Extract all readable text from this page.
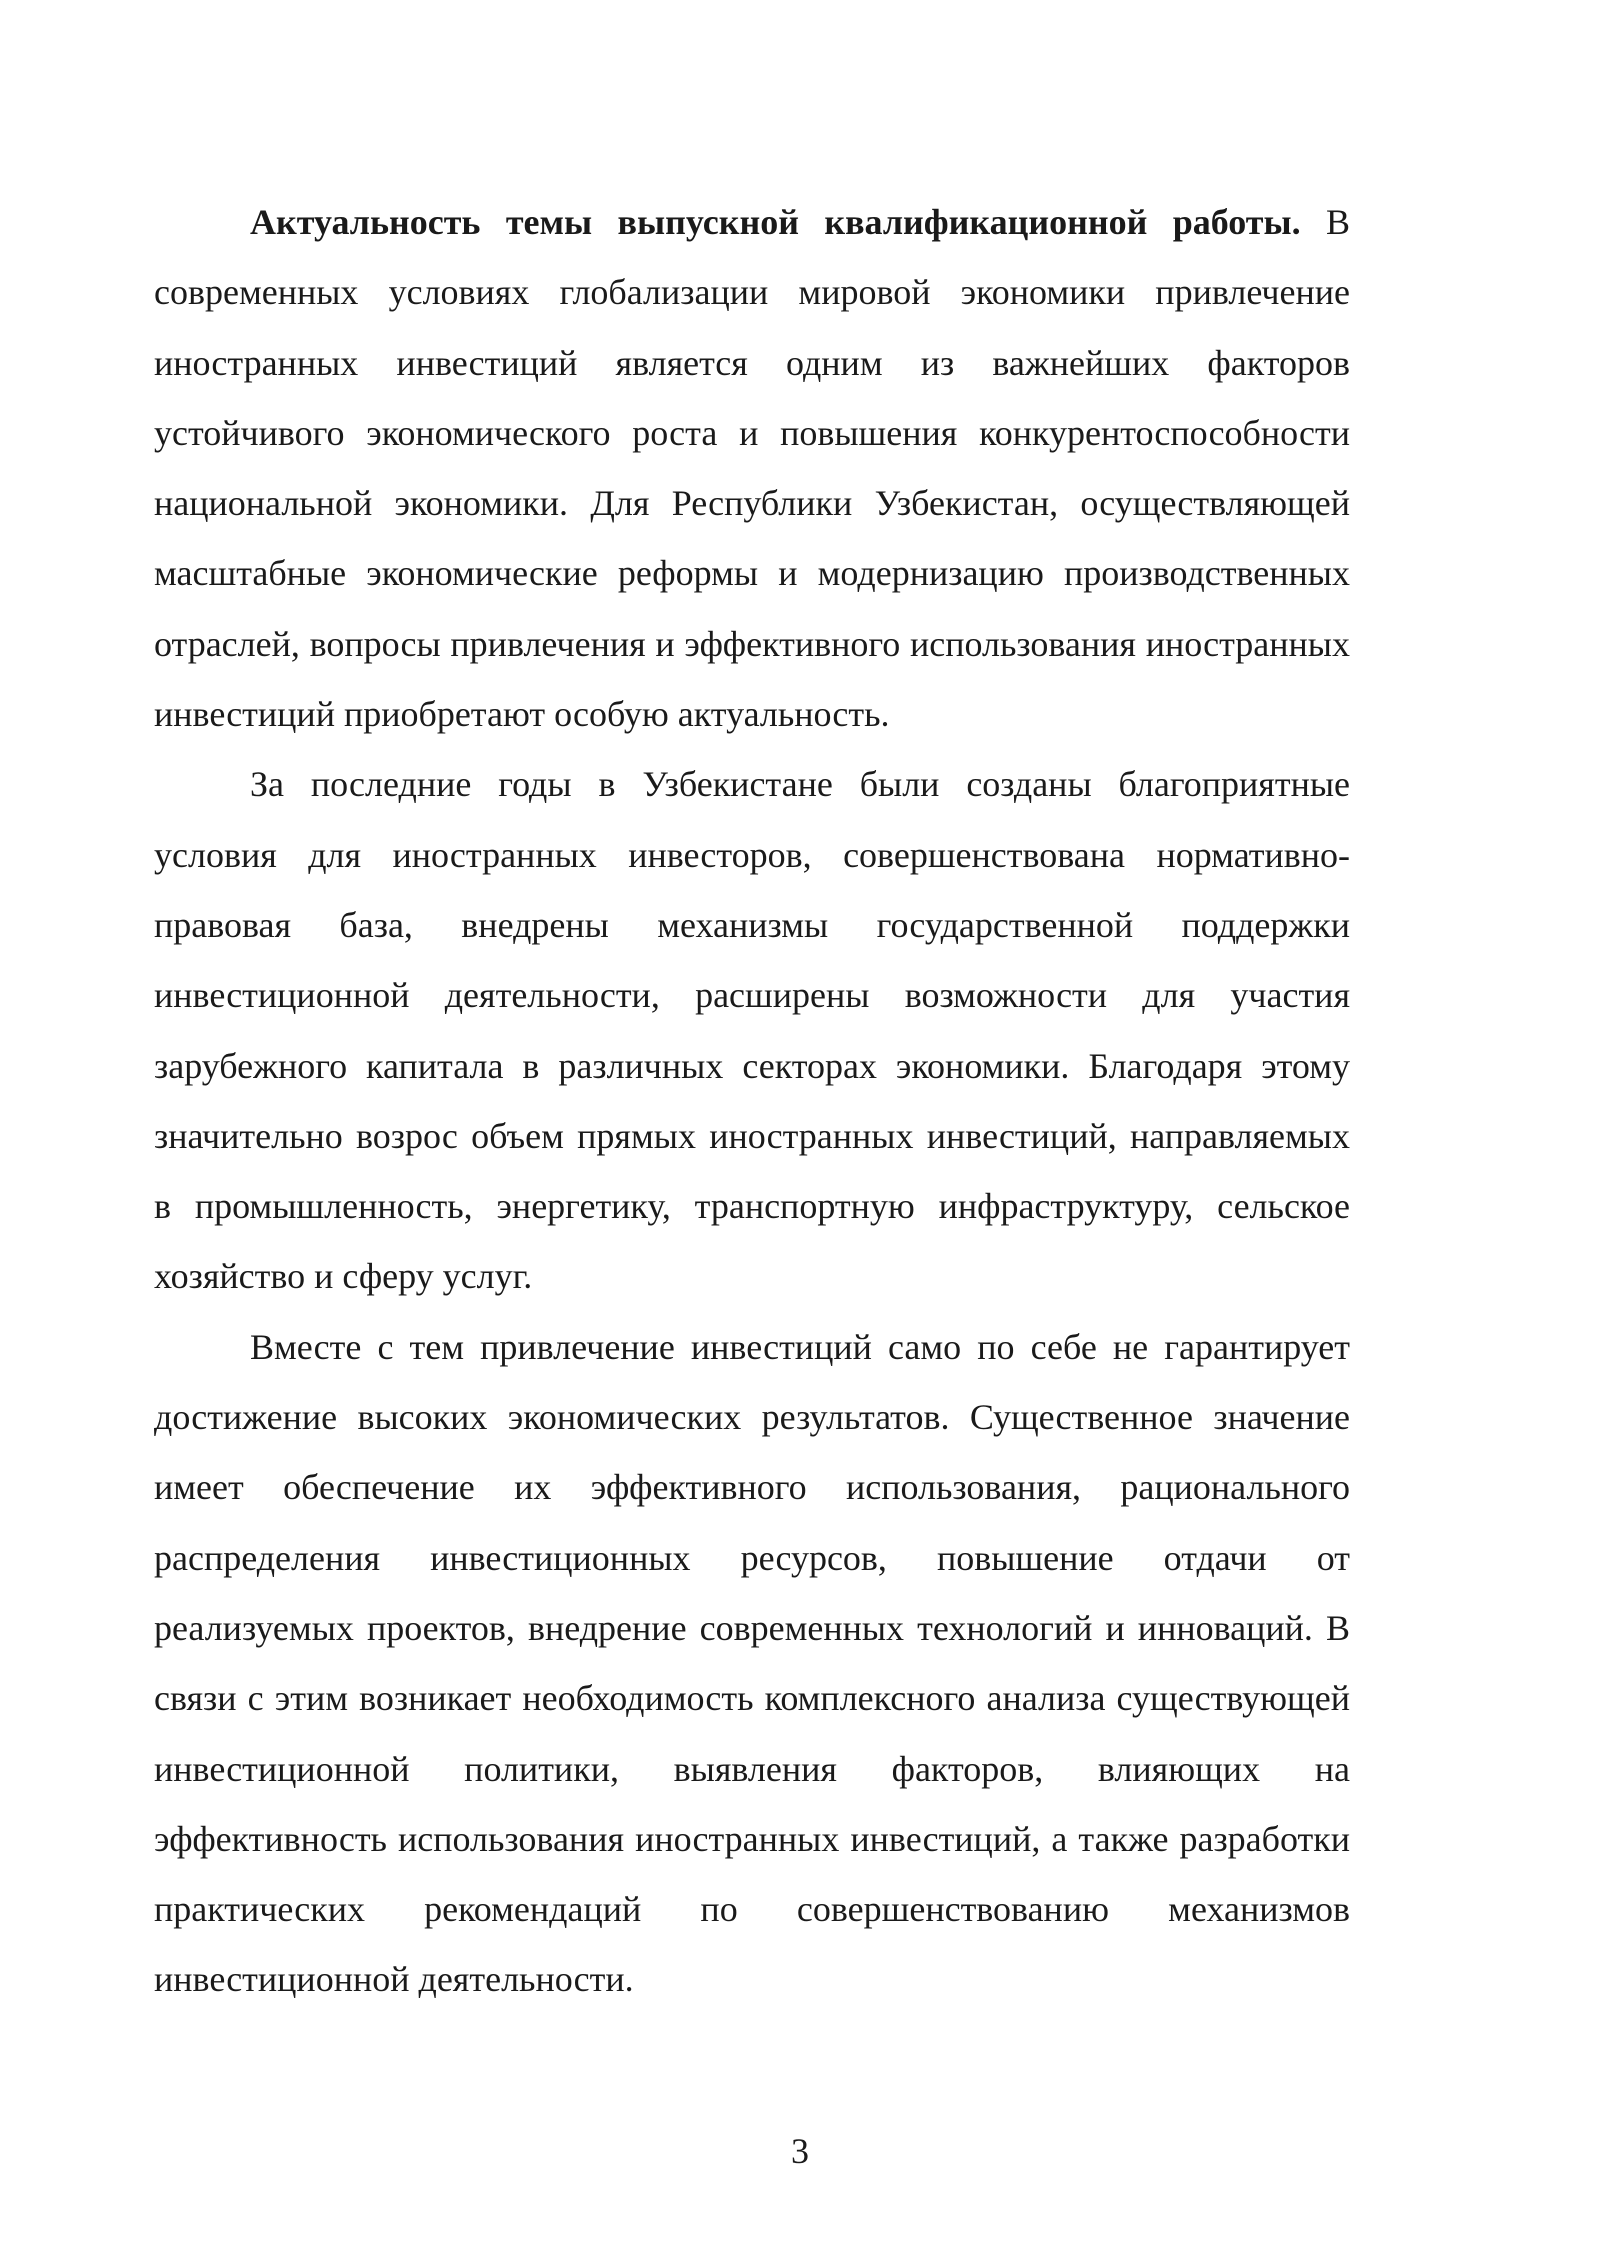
Актуальность темы выпускной квалификационной работы. В современных условиях глобализации мировой экономики привлечение иностранных инвестиций является одним из важнейших факторов устойчивого экономического роста и повышения конкурентоспособности национальной экономики. Для Республики Узбекистан, осуществляющей масштабные экономические реформы и модернизацию производственных отраслей, вопросы привлечения и эффективного использования иностранных инвестиций приобретают особую актуальность.

За последние годы в Узбекистане были созданы благоприятные условия для иностранных инвесторов, совершенствована нормативно-правовая база, внедрены механизмы государственной поддержки инвестиционной деятельности, расширены возможности для участия зарубежного капитала в различных секторах экономики. Благодаря этому значительно возрос объем прямых иностранных инвестиций, направляемых в промышленность, энергетику, транспортную инфраструктуру, сельское хозяйство и сферу услуг.

Вместе с тем привлечение инвестиций само по себе не гарантирует достижение высоких экономических результатов. Существенное значение имеет обеспечение их эффективного использования, рационального распределения инвестиционных ресурсов, повышение отдачи от реализуемых проектов, внедрение современных технологий и инноваций. В связи с этим возникает необходимость комплексного анализа существующей инвестиционной политики, выявления факторов, влияющих на эффективность использования иностранных инвестиций, а также разработки практических рекомендаций по совершенствованию механизмов инвестиционной деятельности.

3
